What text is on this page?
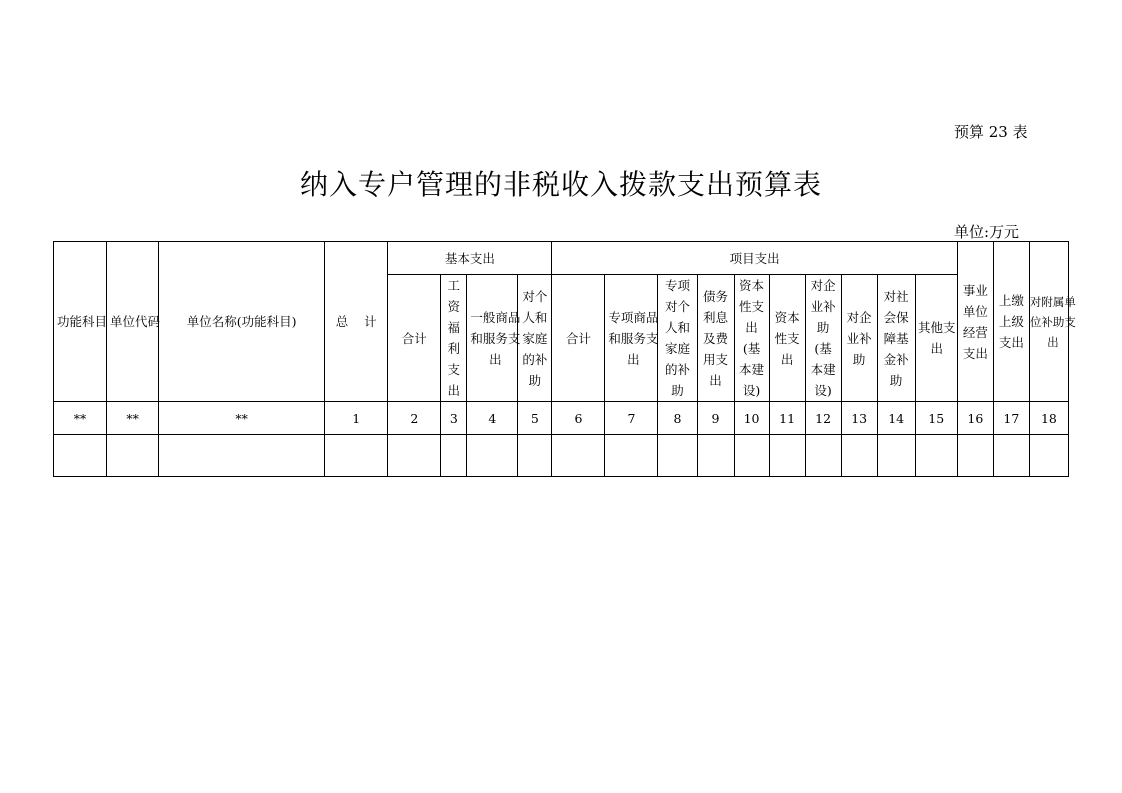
预算 23 表
纳入专户管理的非税收入拨款支出预算表
单位:万元
功能科目	单位代码	单位名称(功能科目)	总    计	基本支出				项目支出										事业单位经营支出	上缴上级支出	对附属单位补助支出
				合计	工资福利支出	一般商品和服务支出	对个人和家庭的补助	合计	专项商品和服务支出	专项对个人和家庭的补助	债务利息及费用支出	资本性支出(基本建设)	资本性支出	对企业补助(基本建设)	对企业补助	对社会保障基金补助	其他支出			
**	**	**	1	2	3	4	5	6	7	8	9	10	11	12	13	14	15	16	17	18
